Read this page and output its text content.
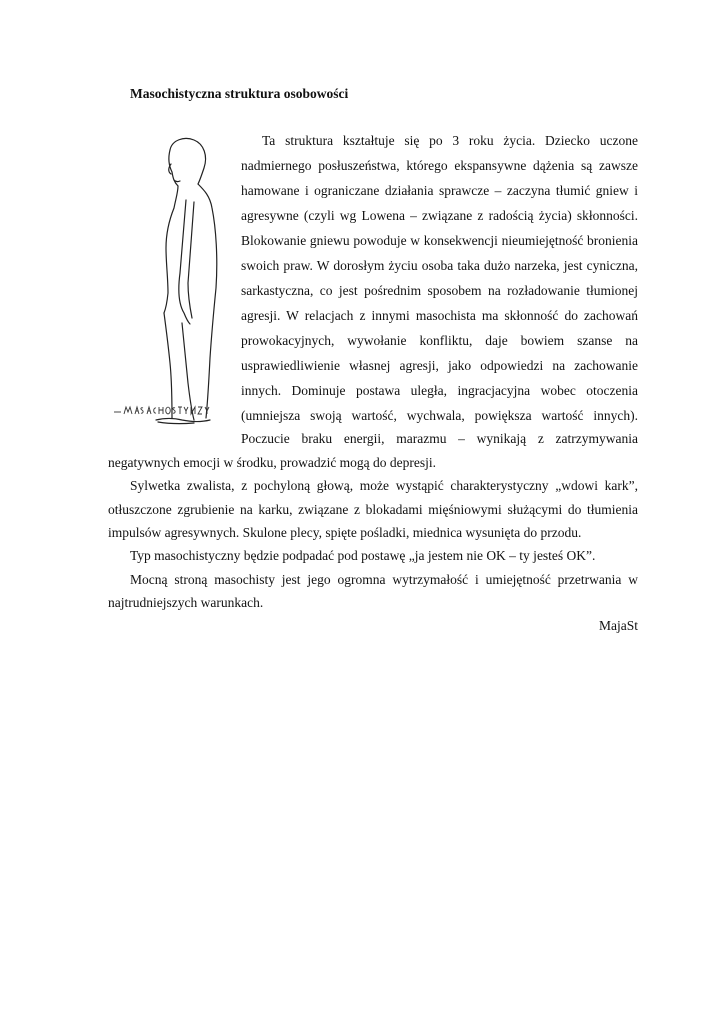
Masochistyczna struktura osobowości

Ta struktura kształtuje się po 3 roku życia. Dziecko uczone

nadmiernego posłuszeństwa, którego ekspansywne dążenia są zawsze

hamowane i ograniczane działania sprawcze – zaczyna tłumić gniew i

agresywne (czyli wg Lowena – związane z radością życia) skłonności.

Blokowanie gniewu powoduje w konsekwencji nieumiejętność bronienia

swoich praw. W dorosłym życiu osoba taka dużo narzeka, jest cyniczna,

sarkastyczna, co jest pośrednim sposobem na rozładowanie tłumionej

agresji. W relacjach z innymi masochista ma skłonność do zachowań

prowokacyjnych, wywołanie konfliktu, daje bowiem szanse na

usprawiedliwienie własnej agresji, jako odpowiedzi na zachowanie

innych. Dominuje postawa uległa, ingracjacyjna wobec otoczenia

(umniejsza swoją wartość, wychwala, powiększa wartość innych).

Poczucie braku energii, marazmu – wynikają z zatrzymywania

negatywnych emocji w środku, prowadzić mogą do depresji.

Sylwetka zwalista, z pochyloną głową, może wystąpić charakterystyczny „wdowi kark”,

otłuszczone zgrubienie na karku, związane z blokadami mięśniowymi służącymi do tłumienia

impulsów agresywnych. Skulone plecy, spięte pośladki, miednica wysunięta do przodu.

Typ masochistyczny będzie podpadać pod postawę „ja jestem nie OK – ty jesteś OK”.

Mocną stroną masochisty jest jego ogromna wytrzymałość i umiejętność przetrwania w

najtrudniejszych warunkach.

MajaSt
